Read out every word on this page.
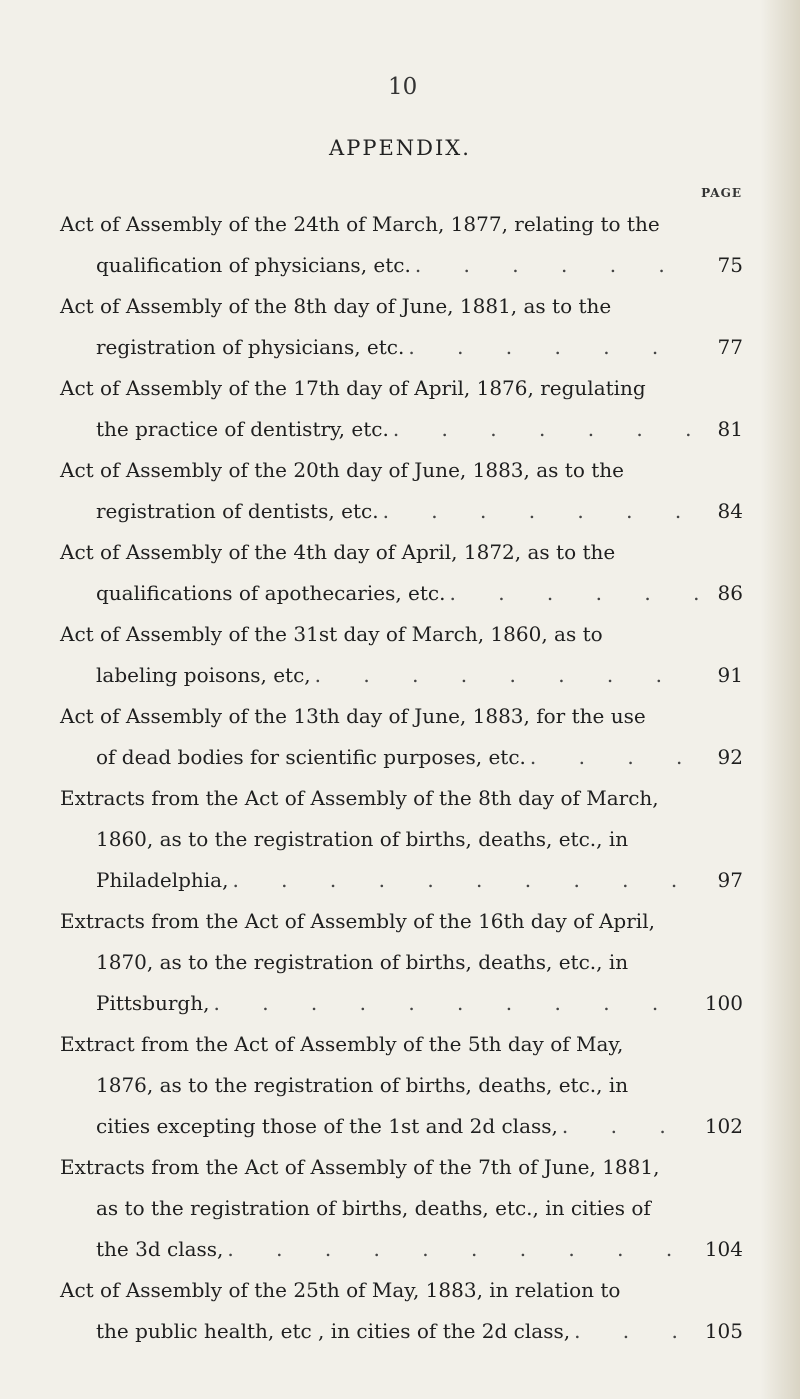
10
APPENDIX.
PAGE
Act of Assembly of the 24th of March, 1877, relating to the
qualification of physicians, etc. . . .	75
Act of Assembly of the 8th day of June, 1881, as to the
registration of physicians, etc. . . .	77
Act of Assembly of the 17th day of April, 1876, regulating
the practice of dentistry, etc. . . .	81
Act of Assembly of the 20th day of June, 1883, as to the
registration of dentists, etc. . . .	84
Act of Assembly of the 4th day of April, 1872, as to the
qualifications of apothecaries, etc. . . .	86
Act of Assembly of the 31st day of March, 1860, as to
labeling poisons, etc, . . .	91
Act of Assembly of the 13th day of June, 1883, for the use
of dead bodies for scientific purposes, etc. . . .	92
Extracts from the Act of Assembly of the 8th day of March,
1860, as to the registration of births, deaths, etc., in
Philadelphia, . . .	97
Extracts from the Act of Assembly of the 16th day of April,
1870, as to the registration of births, deaths, etc., in
Pittsburgh, . . .	100
Extract from the Act of Assembly of the 5th day of May,
1876, as to the registration of births, deaths, etc., in
cities excepting those of the 1st and 2d class, . . .	102
Extracts from the Act of Assembly of the 7th of June, 1881,
as to the registration of births, deaths, etc., in cities of
the 3d class, . . .	104
Act of Assembly of the 25th of May, 1883, in relation to
the public health, etc , in cities of the 2d class, . . .	105
